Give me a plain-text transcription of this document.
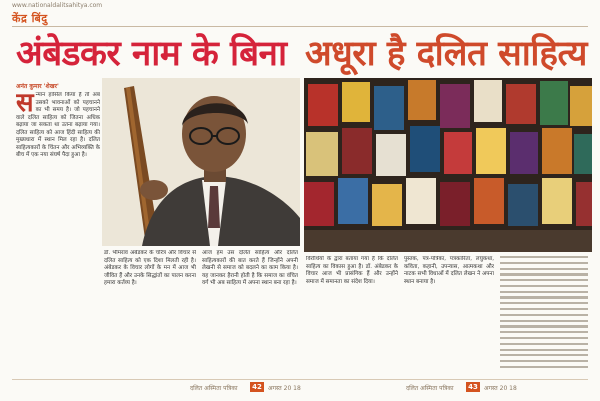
www.nationaldalitsahitya.com
केंद्र बिंदु
अंबेडकर नाम के बिना अधूरा है दलित साहित्य
अनंत कुमार 'शेखर'
स न्मान हासिल किया है तो अब उसको भावनाओं को पहचानने का भी समय है। जो पहचानने वाले दलित साहित्य को जितना अधिक बढ़ाया जा सकता था उतना बढ़ाया गया। दलित साहित्य को आज हिंदी साहित्य की मुख्यधारा में स्थान मिल रहा है। दलित साहित्यकारों के चिंतन और अभिव्यक्ति के बीच में एक नया संघर्ष पैदा हुआ है।
डॉ. भीमराव अंबेडकर के चरित्र और विचार से दलित साहित्य को एक दिशा मिलती रही है। अंबेडकर के विचार लोगों के मन में आज भी जीवित हैं और उनके सिद्धांतों का पालन करना हमारा कर्तव्य है।
आज हम उस दलित साहित्य और दलित साहित्यकारों की बात करते हैं जिन्होंने अपनी लेखनी से समाज को बदलने का काम किया है। यह जानकर हैरानी होती है कि समाज का वंचित वर्ग भी अब साहित्य में अपना स्थान बना रहा है।
विरोधियों के द्वारा बताया गया है कि दलित साहित्य का विकास हुआ है। डॉ. अंबेडकर के विचार आज भी प्रासंगिक हैं और उन्होंने समाज में समानता का संदेश दिया।
पुस्तक, पत्र-पत्रिका, पत्रकारिता, लघुकथा, कविता, कहानी, उपन्यास, आत्मकथा और नाटक सभी विधाओं में दलित लेखन ने अपना स्थान बनाया है।
दलित अस्मिता पत्रिका	42	अगस्त 20 18	दलित अस्मिता पत्रिका	43	अगस्त 20 18
